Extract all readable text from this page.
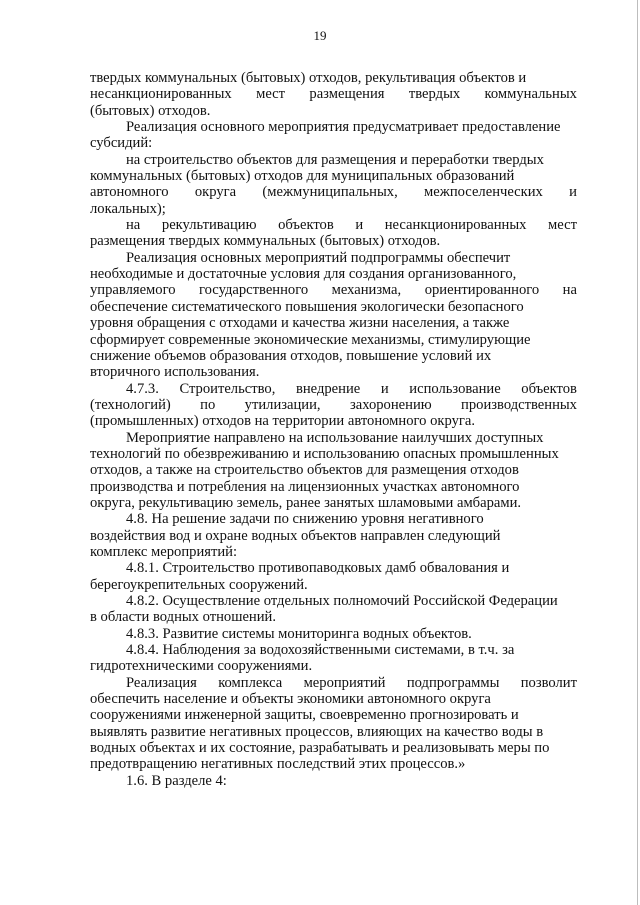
19
твердых коммунальных (бытовых) отходов, рекультивация объектов и
несанкционированных мест размещения твердых коммунальных
(бытовых) отходов.
Реализация основного мероприятия предусматривает предоставление
субсидий:
на строительство объектов для размещения и переработки твердых
коммунальных (бытовых) отходов для муниципальных образований
автономного округа (межмуниципальных, межпоселенческих и
локальных);
на рекультивацию объектов и несанкционированных мест
размещения твердых коммунальных (бытовых) отходов.
Реализация основных мероприятий подпрограммы обеспечит
необходимые и достаточные условия для создания организованного,
управляемого государственного механизма, ориентированного на
обеспечение систематического повышения экологически безопасного
уровня обращения с отходами и качества жизни населения, а также
сформирует современные экономические механизмы, стимулирующие
снижение объемов образования отходов, повышение условий их
вторичного использования.
4.7.3. Строительство, внедрение и использование объектов
(технологий) по утилизации, захоронению производственных
(промышленных) отходов на территории автономного округа.
Мероприятие направлено на использование наилучших доступных
технологий по обезвреживанию и использованию опасных промышленных
отходов, а также на строительство объектов для размещения отходов
производства и потребления на лицензионных участках автономного
округа, рекультивацию земель, ранее занятых шламовыми амбарами.
4.8. На решение задачи по снижению уровня негативного
воздействия вод и охране водных объектов направлен следующий
комплекс мероприятий:
4.8.1. Строительство противопаводковых дамб обвалования и
берегоукрепительных сооружений.
4.8.2. Осуществление отдельных полномочий Российской Федерации
в области водных отношений.
4.8.3. Развитие системы мониторинга водных объектов.
4.8.4. Наблюдения за водохозяйственными системами, в т.ч. за
гидротехническими сооружениями.
Реализация комплекса мероприятий подпрограммы позволит
обеспечить население и объекты экономики автономного округа
сооружениями инженерной защиты, своевременно прогнозировать и
выявлять развитие негативных процессов, влияющих на качество воды в
водных объектах и их состояние, разрабатывать и реализовывать меры по
предотвращению негативных последствий этих процессов.»
1.6. В разделе 4:
